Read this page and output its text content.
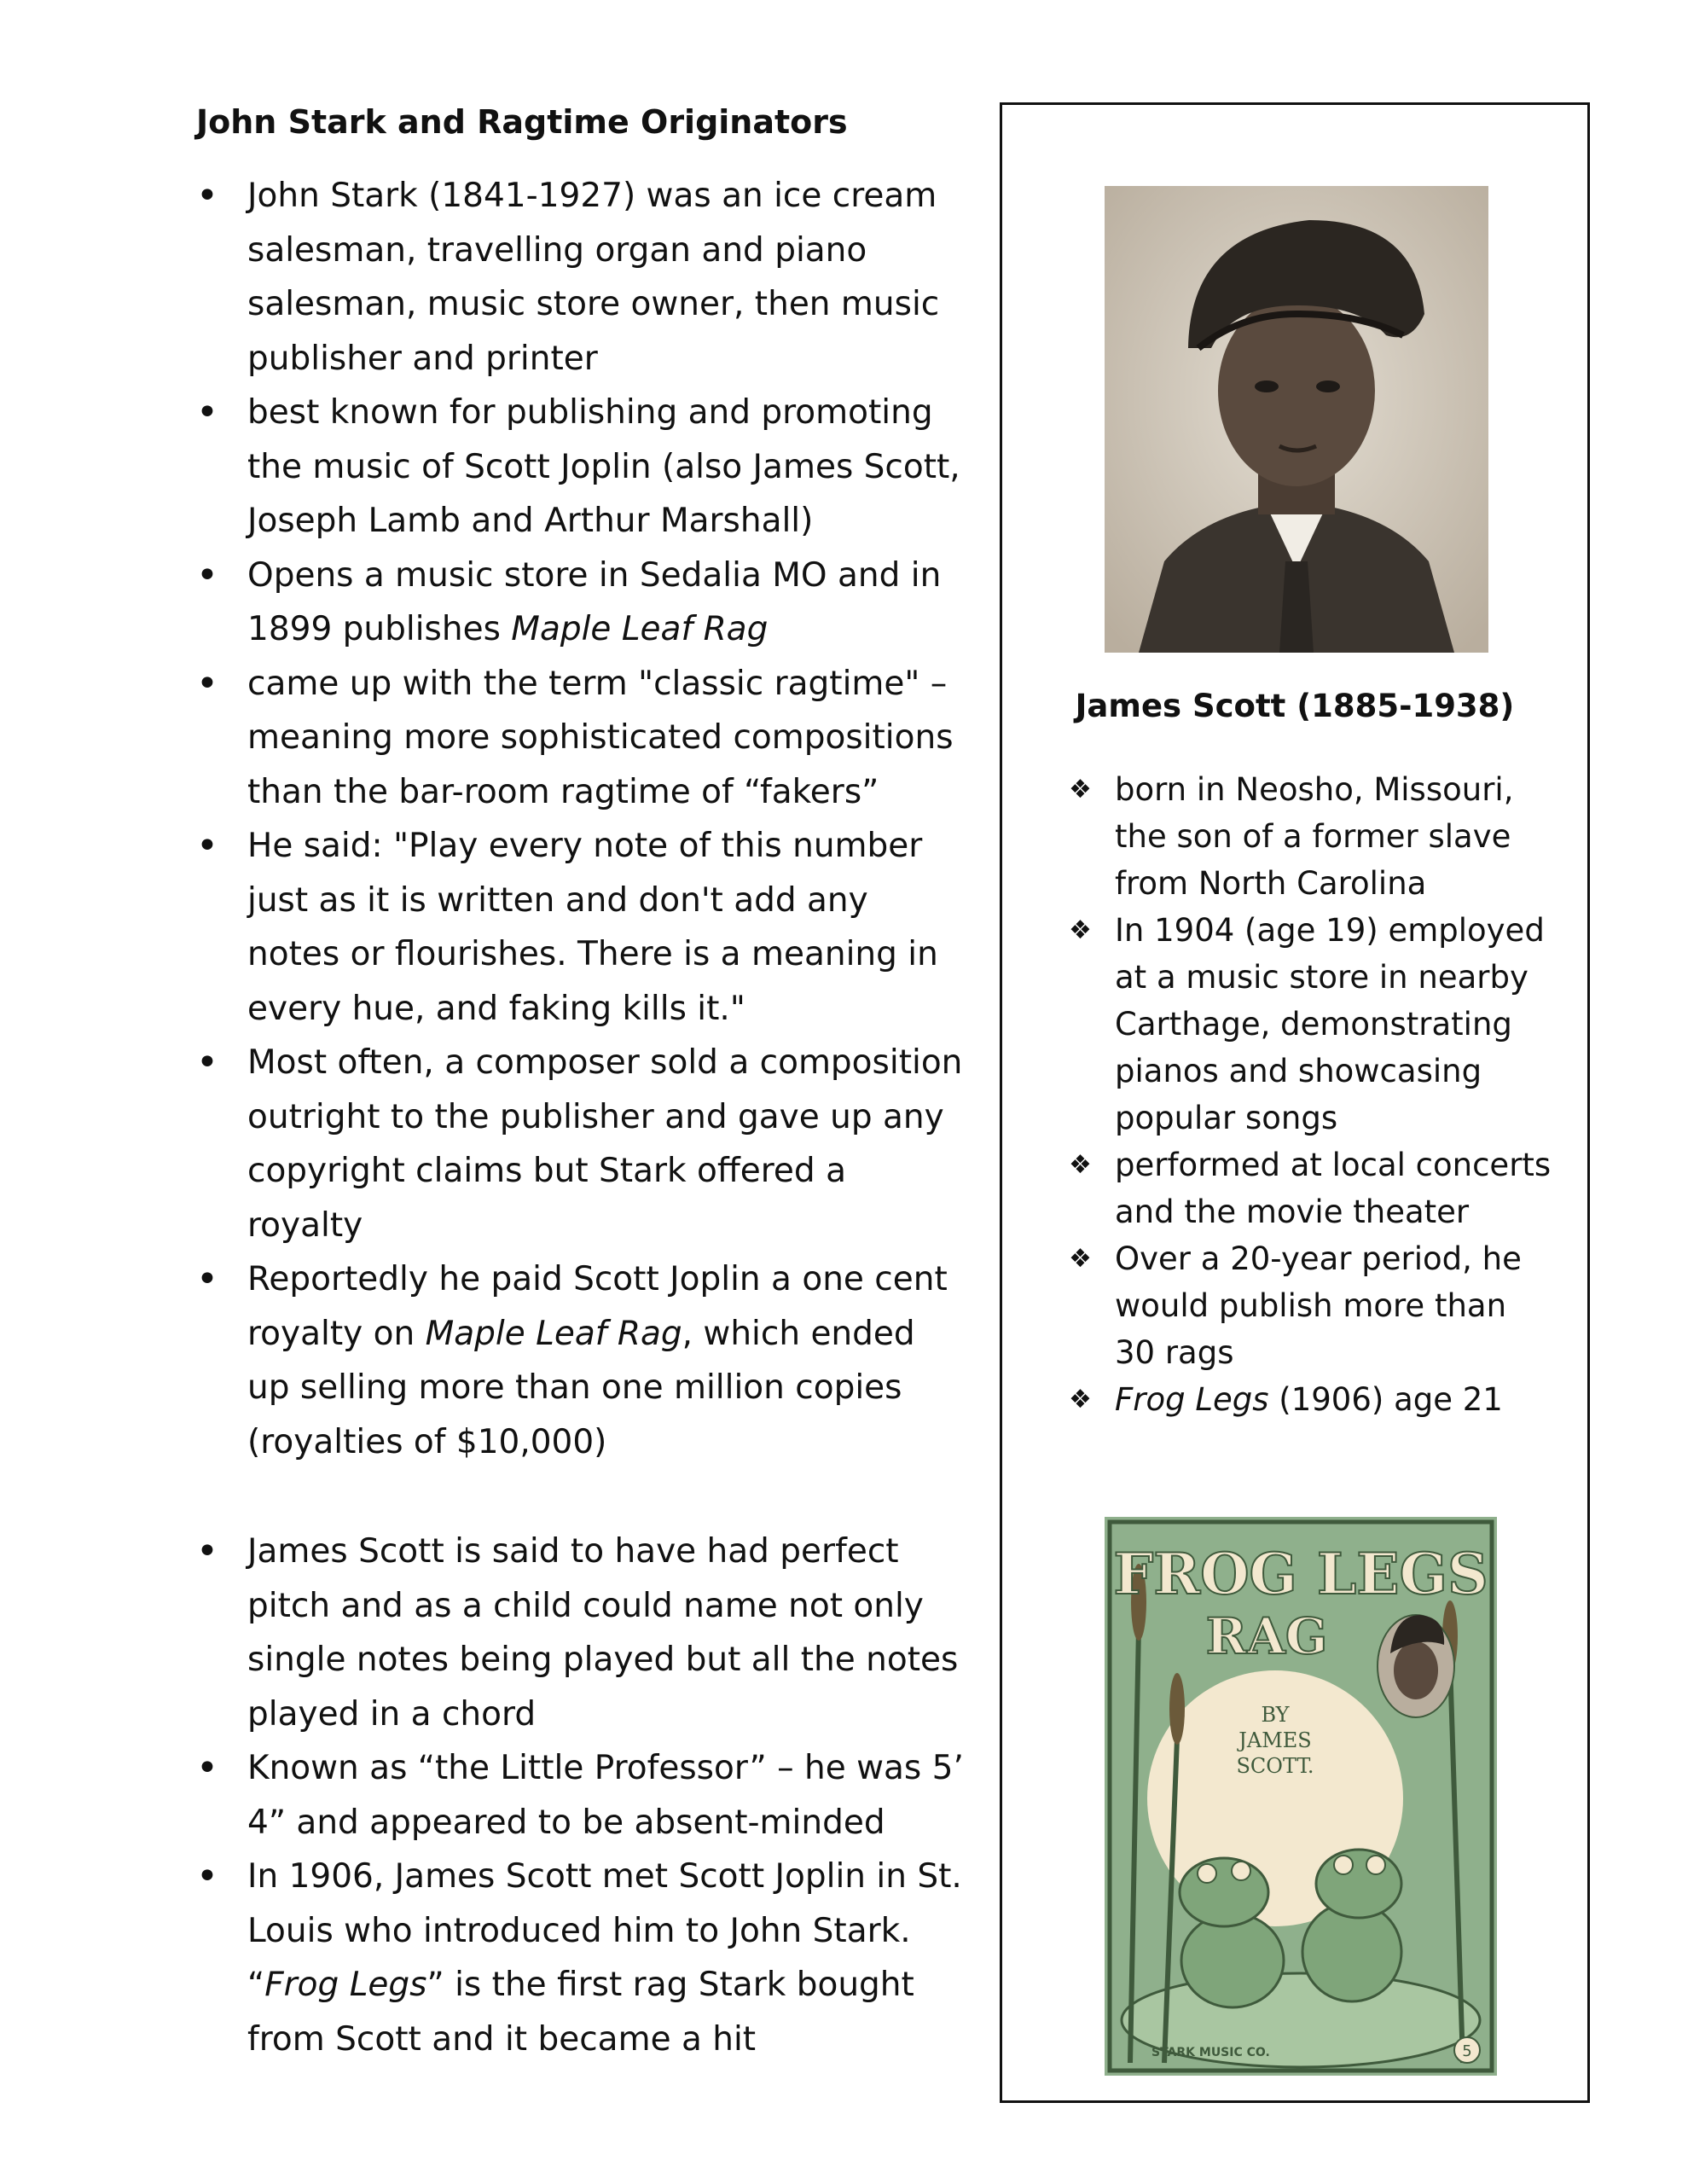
John Stark and Ragtime Originators
• John Stark (1841-1927) was an ice cream salesman, travelling organ and piano salesman, music store owner, then music publisher and printer
• best known for publishing and promoting the music of Scott Joplin (also James Scott, Joseph Lamb and Arthur Marshall)
• Opens a music store in Sedalia MO and in 1899 publishes Maple Leaf Rag
• came up with the term "classic ragtime" – meaning more sophisticated compositions than the bar-room ragtime of “fakers”
• He said: "Play every note of this number just as it is written and don't add any notes or flourishes. There is a meaning in every hue, and faking kills it."
• Most often, a composer sold a composition outright to the publisher and gave up any copyright claims but Stark offered a royalty
• Reportedly he paid Scott Joplin a one cent royalty on Maple Leaf Rag, which ended up selling more than one million copies (royalties of $10,000)
• James Scott is said to have had perfect pitch and as a child could name not only single notes being played but all the notes played in a chord
• Known as “the Little Professor” – he was 5’ 4” and appeared to be absent-minded
• In 1906, James Scott met Scott Joplin in St. Louis who introduced him to John Stark. “Frog Legs” is the first rag Stark bought from Scott and it became a hit
James Scott (1885-1938)
❖ born in Neosho, Missouri, the son of a former slave from North Carolina
❖ In 1904 (age 19) employed at a music store in nearby Carthage, demonstrating pianos and showcasing popular songs
❖ performed at local concerts and the movie theater
❖ Over a 20-year period, he would publish more than 30 rags
❖ Frog Legs (1906) age 21
FROG LEGS
RAG
BY
JAMES
SCOTT.
STARK MUSIC CO.	5
